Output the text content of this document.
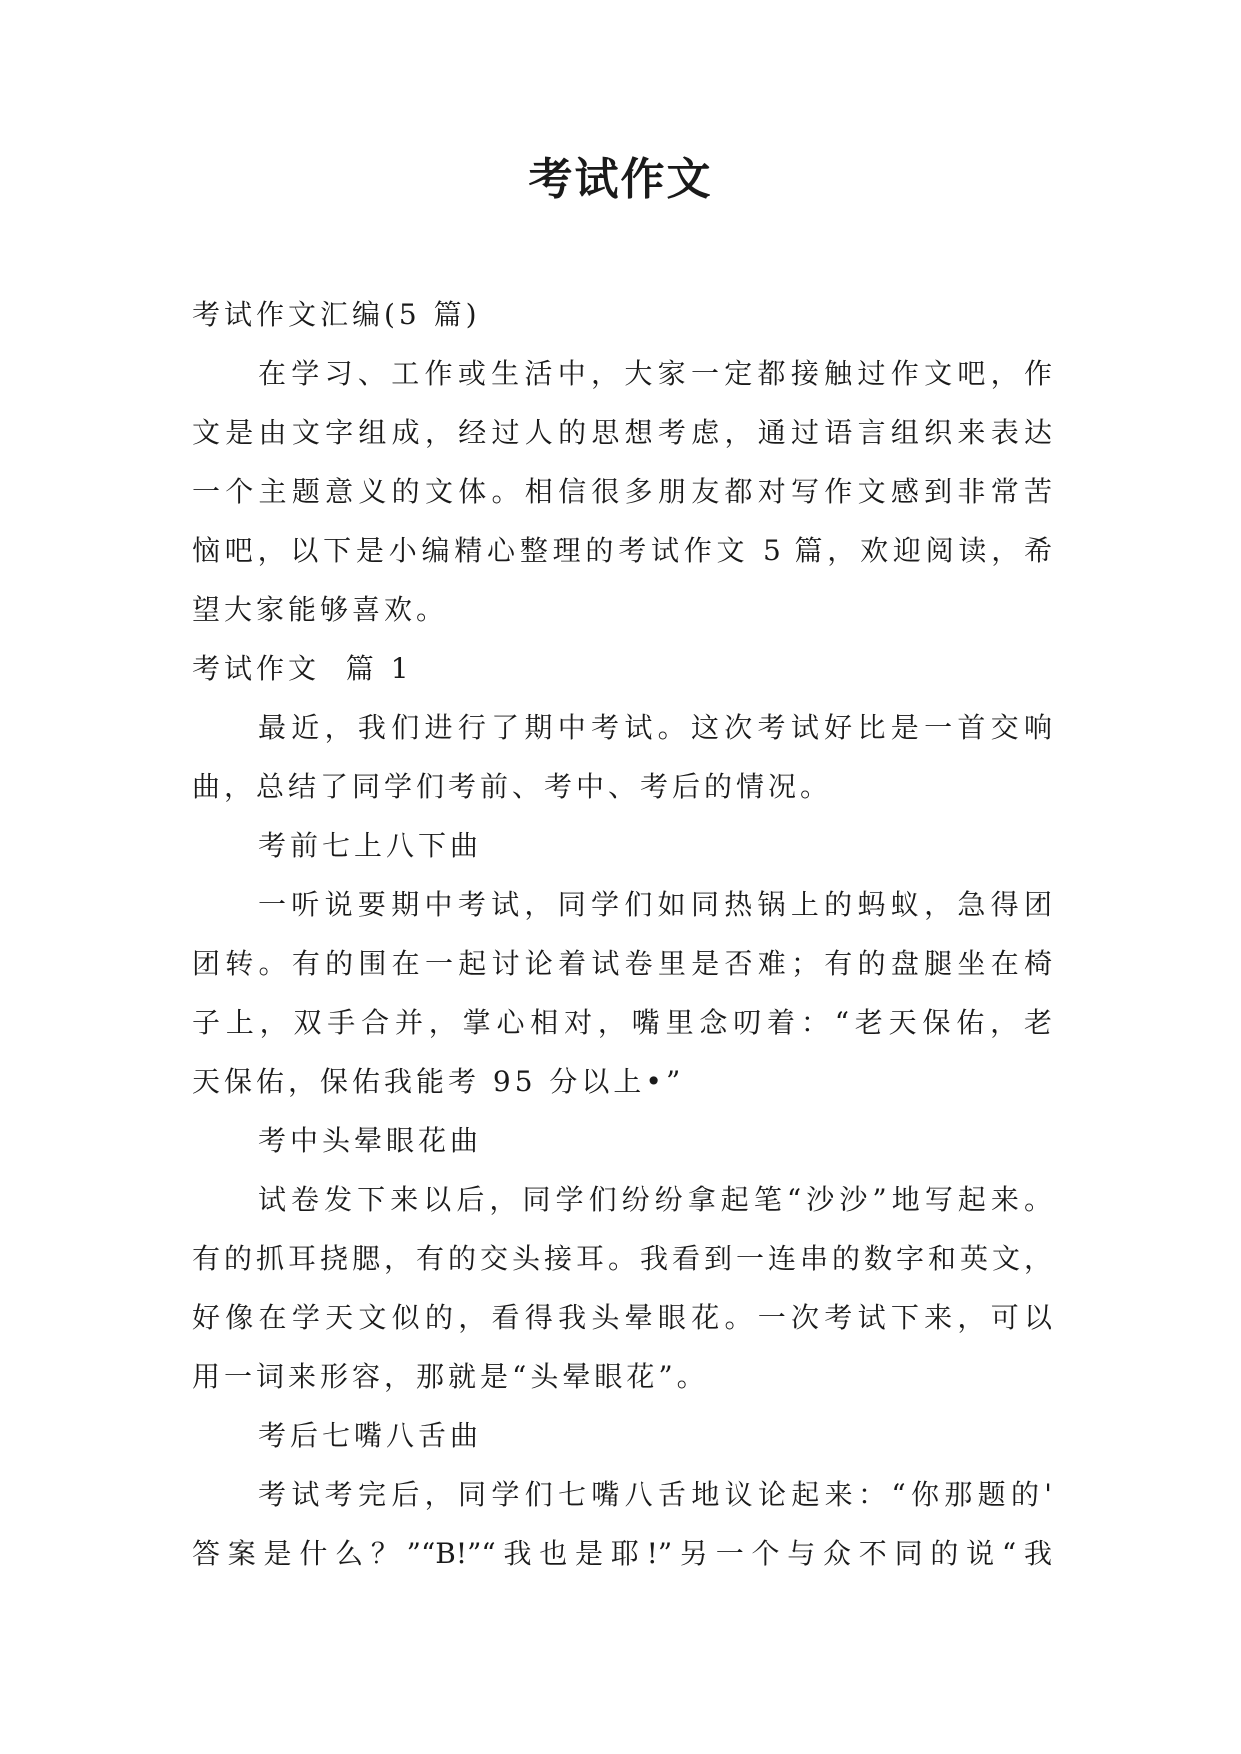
考试作文

考试作文汇编(5 篇)

在学习、工作或生活中，大家一定都接触过作文吧，作

文是由文字组成，经过人的思想考虑，通过语言组织来表达

一个主题意义的文体。相信很多朋友都对写作文感到非常苦

恼吧，以下是小编精心整理的考试作文 5 篇，欢迎阅读，希

望大家能够喜欢。

考试作文  篇 1

最近，我们进行了期中考试。这次考试好比是一首交响

曲，总结了同学们考前、考中、考后的情况。

考前七上八下曲

一听说要期中考试，同学们如同热锅上的蚂蚁，急得团

团转。有的围在一起讨论着试卷里是否难；有的盘腿坐在椅

子上，双手合并，掌心相对，嘴里念叨着：“老天保佑，老

天保佑，保佑我能考 95 分以上•”

考中头晕眼花曲

试卷发下来以后，同学们纷纷拿起笔“沙沙”地写起来。

有的抓耳挠腮，有的交头接耳。我看到一连串的数字和英文，

好像在学天文似的，看得我头晕眼花。一次考试下来，可以

用一词来形容，那就是“头晕眼花”。

考后七嘴八舌曲

考试考完后，同学们七嘴八舌地议论起来：“你那题的'

答案是什么？”“B!”“我也是耶!”另一个与众不同的说“我
